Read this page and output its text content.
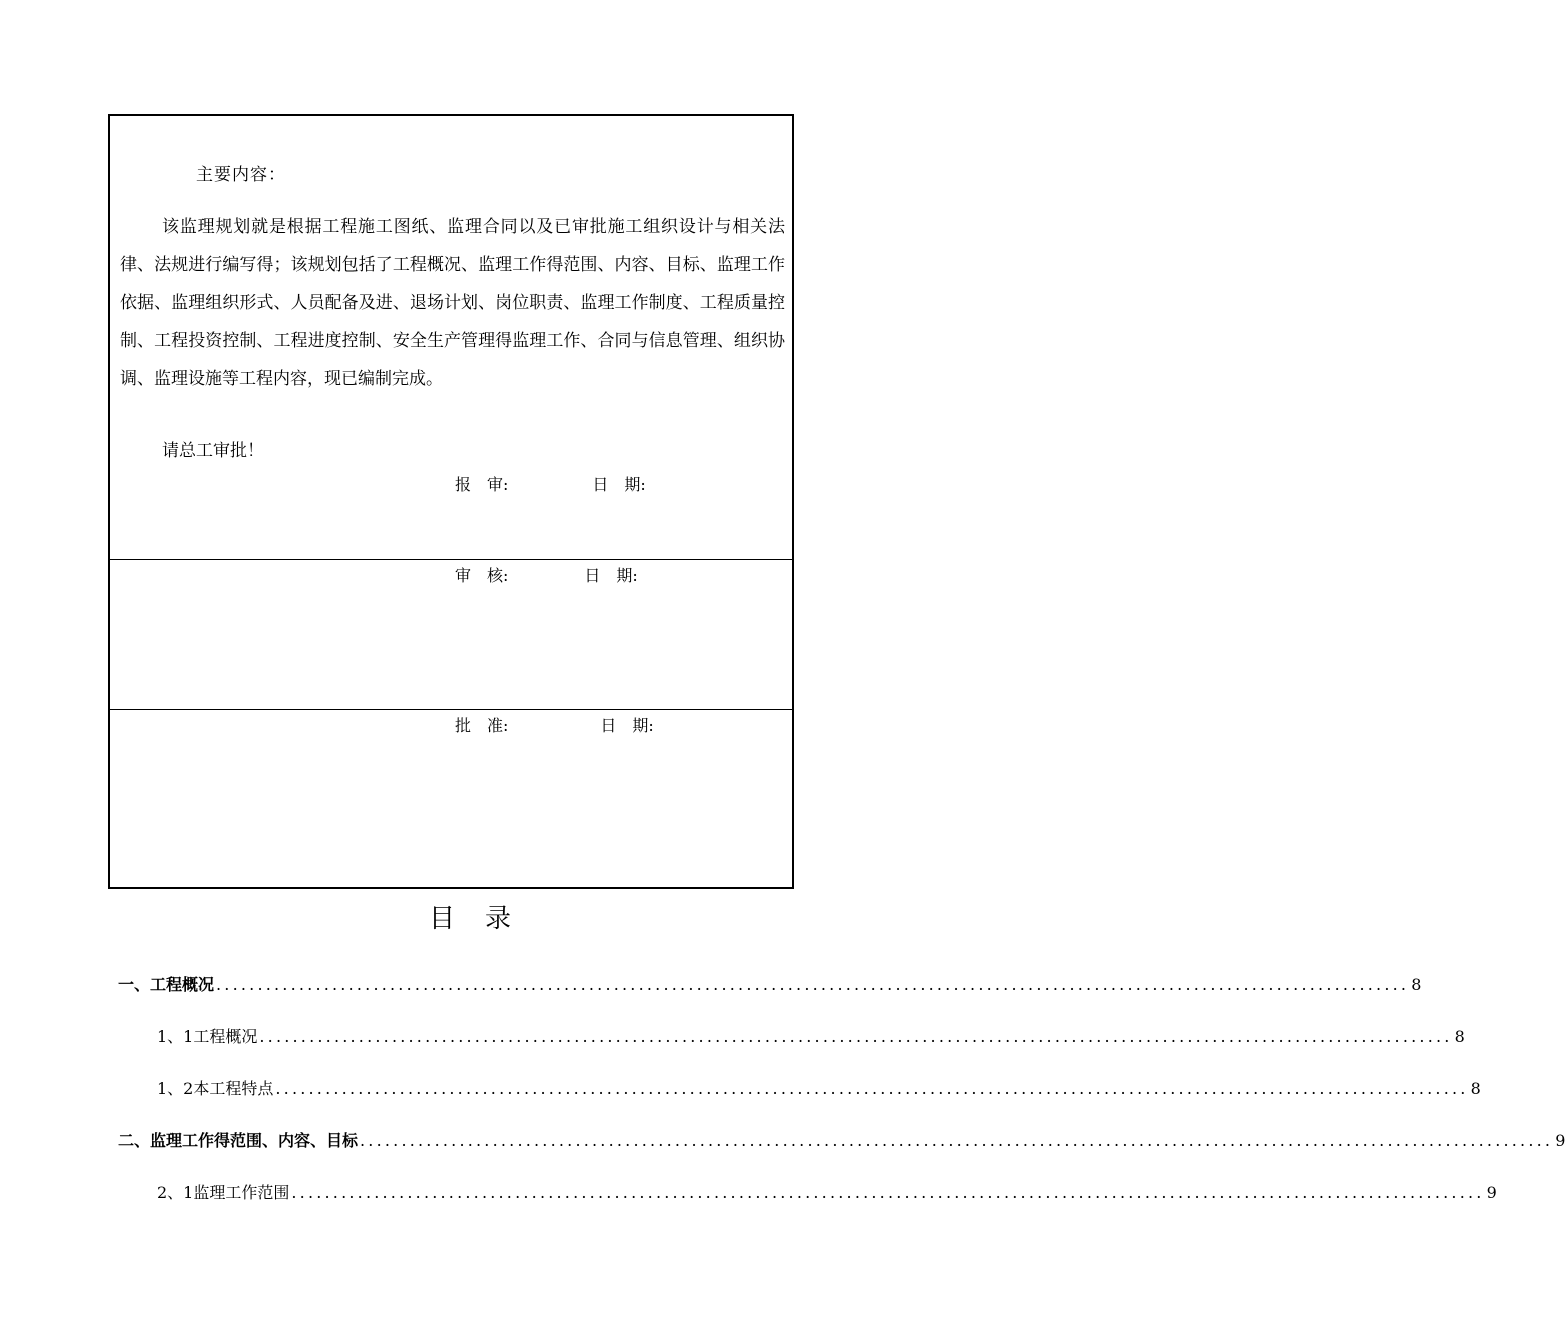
主要内容：
该监理规划就是根据工程施工图纸、监理合同以及已审批施工组织设计与相关法律、法规进行编写得；该规划包括了工程概况、监理工作得范围、内容、目标、监理工作依据、监理组织形式、人员配备及进、退场计划、岗位职责、监理工作制度、工程质量控制、工程投资控制、工程进度控制、安全生产管理得监理工作、合同与信息管理、组织协调、监理设施等工程内容，现已编制完成。
请总工审批！
报　审:	日　期:
审　核:	日　期:
批　准:	日　期:
目录
一、工程概况 ................................................................................................................................................ 8
1、1工程概况 ................................................................................................................................................ 8
1、2本工程特点 ................................................................................................................................................ 8
二、监理工作得范围、内容、目标 ................................................................................................................................................ 9
2、1监理工作范围 ................................................................................................................................................ 9
